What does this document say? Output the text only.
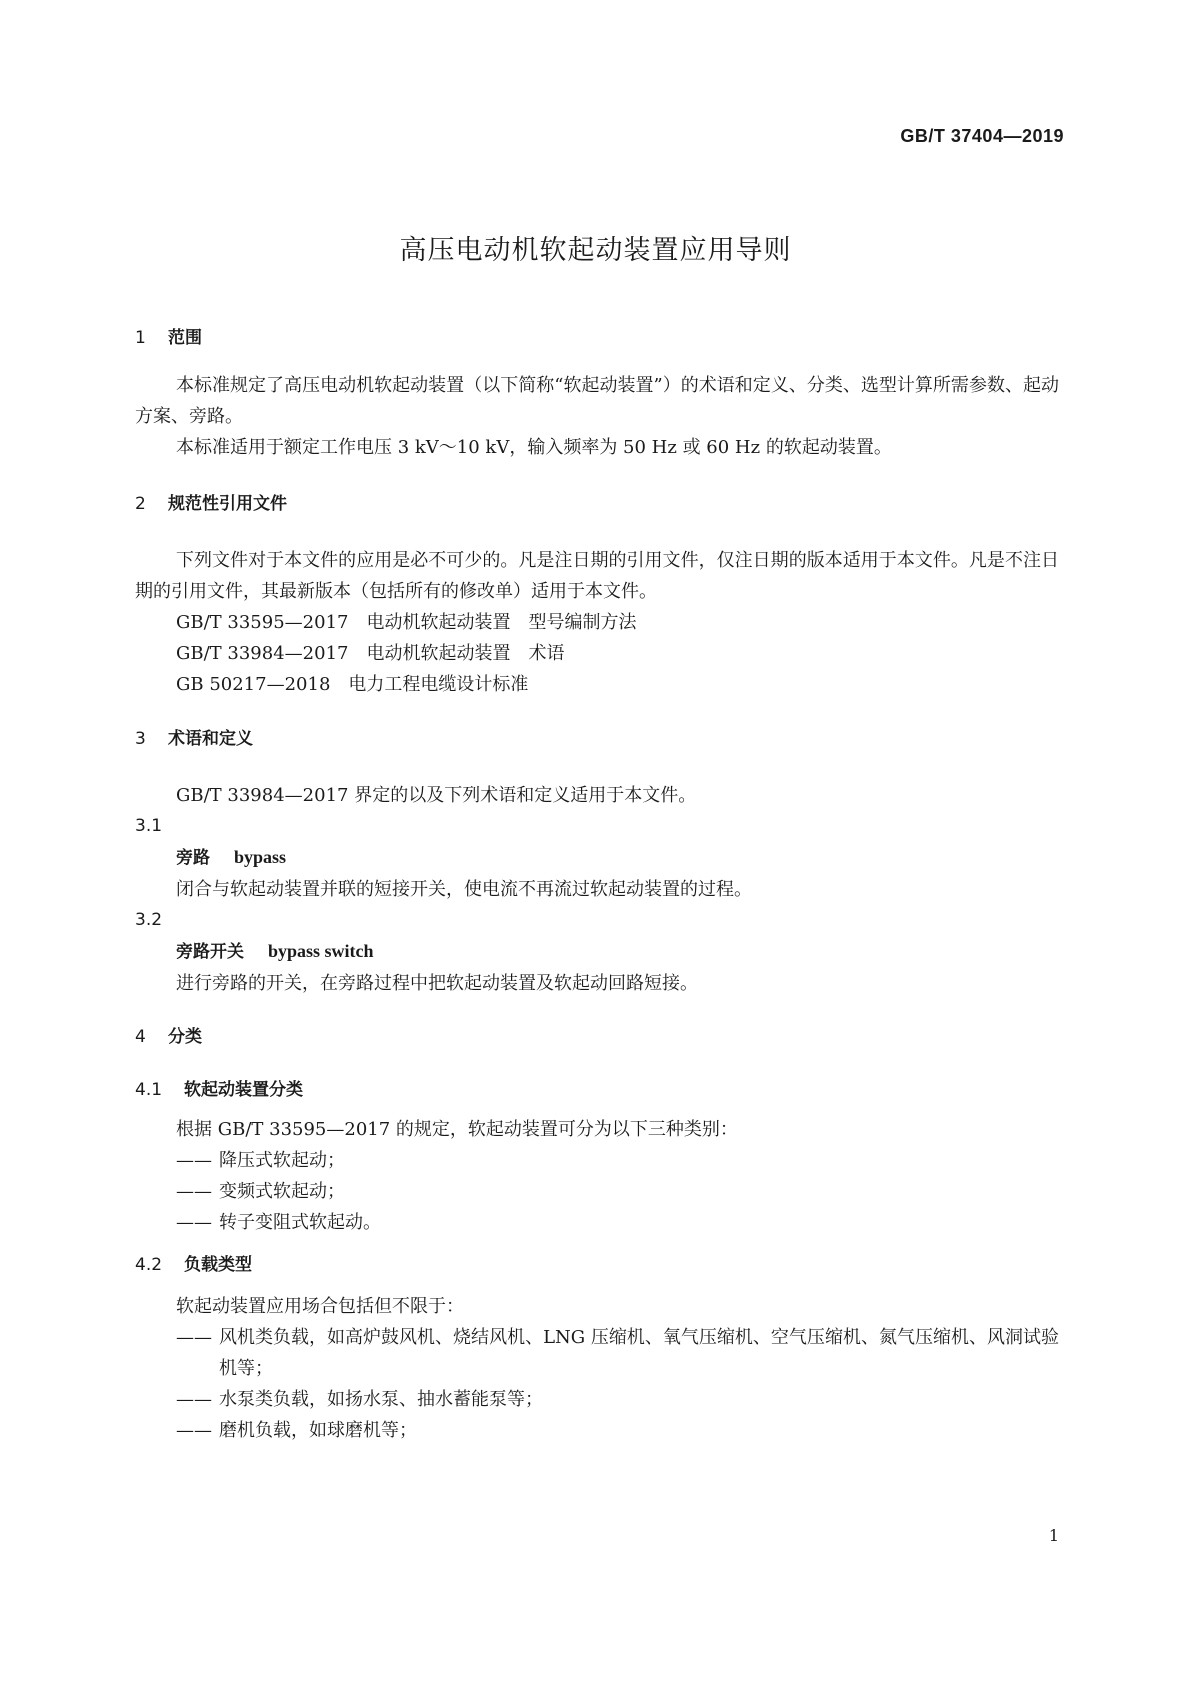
GB/T 37404—2019
高压电动机软起动装置应用导则
1 范围

本标准规定了高压电动机软起动装置（以下简称“软起动装置”）的术语和定义、分类、选型计算所需参数、起动方案、旁路。

本标准适用于额定工作电压 3 kV～10 kV，输入频率为 50 Hz 或 60 Hz 的软起动装置。

2 规范性引用文件

下列文件对于本文件的应用是必不可少的。凡是注日期的引用文件，仅注日期的版本适用于本文件。凡是不注日期的引用文件，其最新版本（包括所有的修改单）适用于本文件。

GB/T 33595—2017　电动机软起动装置　型号编制方法
GB/T 33984—2017　电动机软起动装置　术语
GB 50217—2018　电力工程电缆设计标准
3 术语和定义

GB/T 33984—2017 界定的以及下列术语和定义适用于本文件。

3.1
旁路 bypass
闭合与软起动装置并联的短接开关，使电流不再流过软起动装置的过程。
3.2
旁路开关 bypass switch
进行旁路的开关，在旁路过程中把软起动装置及软起动回路短接。
4 分类
4.1 软起动装置分类
根据 GB/T 33595—2017 的规定，软起动装置可分为以下三种类别：
—— 降压式软起动；
—— 变频式软起动；
—— 转子变阻式软起动。
4.2 负载类型
软起动装置应用场合包括但不限于：
—— 风机类负载，如高炉鼓风机、烧结风机、LNG 压缩机、氧气压缩机、空气压缩机、氮气压缩机、风洞试验机等；
—— 水泵类负载，如扬水泵、抽水蓄能泵等；
—— 磨机负载，如球磨机等；
1
